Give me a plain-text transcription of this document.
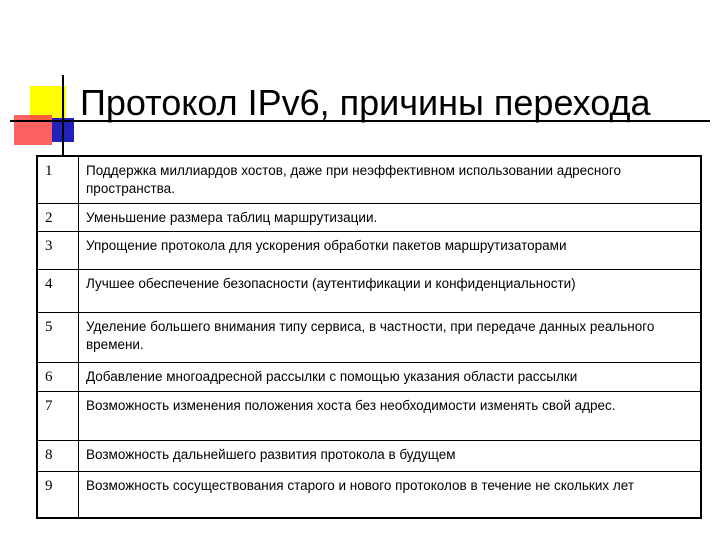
Протокол IPv6, причины перехода
1	Поддержка миллиардов хостов, даже при неэффективном использовании адресного пространства.
2	Уменьшение размера таблиц маршрутизации.
3	Упрощение протокола для ускорения обработки пакетов маршрутизаторами
4	Лучшее обеспечение безопасности (аутентификации и конфиденциальности)
5	Уделение большего внимания типу сервиса, в частности, при передаче данных реального времени.
6	Добавление многоадресной рассылки с помощью указания области рассылки
7	Возможность изменения положения хоста без необходимости изменять свой адрес.
8	Возможность дальнейшего развития протокола в будущем
9	Возможность сосуществования старого и нового протоколов в течение не скольких лет
